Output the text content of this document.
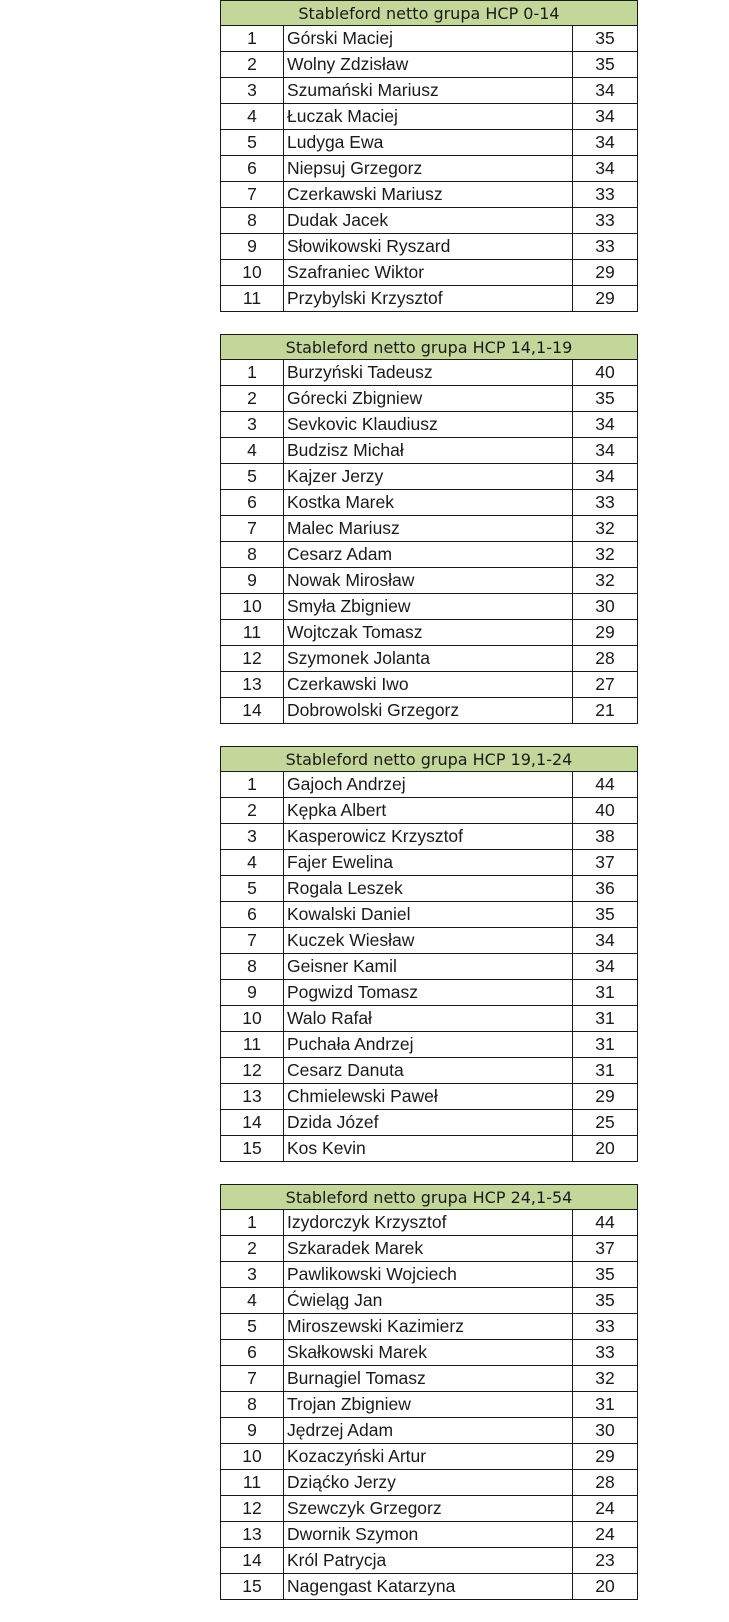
Stableford netto grupa HCP 0-14
1	Górski Maciej	35
2	Wolny Zdzisław	35
3	Szumański Mariusz	34
4	Łuczak Maciej	34
5	Ludyga Ewa	34
6	Niepsuj Grzegorz	34
7	Czerkawski Mariusz	33
8	Dudak Jacek	33
9	Słowikowski Ryszard	33
10	Szafraniec Wiktor	29
11	Przybylski Krzysztof	29
Stableford netto grupa HCP 14,1-19
1	Burzyński Tadeusz	40
2	Górecki Zbigniew	35
3	Sevkovic Klaudiusz	34
4	Budzisz Michał	34
5	Kajzer Jerzy	34
6	Kostka Marek	33
7	Malec Mariusz	32
8	Cesarz Adam	32
9	Nowak Mirosław	32
10	Smyła Zbigniew	30
11	Wojtczak Tomasz	29
12	Szymonek Jolanta	28
13	Czerkawski Iwo	27
14	Dobrowolski Grzegorz	21
Stableford netto grupa HCP 19,1-24
1	Gajoch Andrzej	44
2	Kępka Albert	40
3	Kasperowicz Krzysztof	38
4	Fajer Ewelina	37
5	Rogala Leszek	36
6	Kowalski Daniel	35
7	Kuczek Wiesław	34
8	Geisner Kamil	34
9	Pogwizd Tomasz	31
10	Walo Rafał	31
11	Puchała Andrzej	31
12	Cesarz Danuta	31
13	Chmielewski Paweł	29
14	Dzida Józef	25
15	Kos Kevin	20
Stableford netto grupa HCP 24,1-54
1	Izydorczyk Krzysztof	44
2	Szkaradek Marek	37
3	Pawlikowski Wojciech	35
4	Ćwieląg Jan	35
5	Miroszewski Kazimierz	33
6	Skałkowski Marek	33
7	Burnagiel Tomasz	32
8	Trojan Zbigniew	31
9	Jędrzej Adam	30
10	Kozaczyński Artur	29
11	Dziąćko Jerzy	28
12	Szewczyk Grzegorz	24
13	Dwornik Szymon	24
14	Król Patrycja	23
15	Nagengast Katarzyna	20
